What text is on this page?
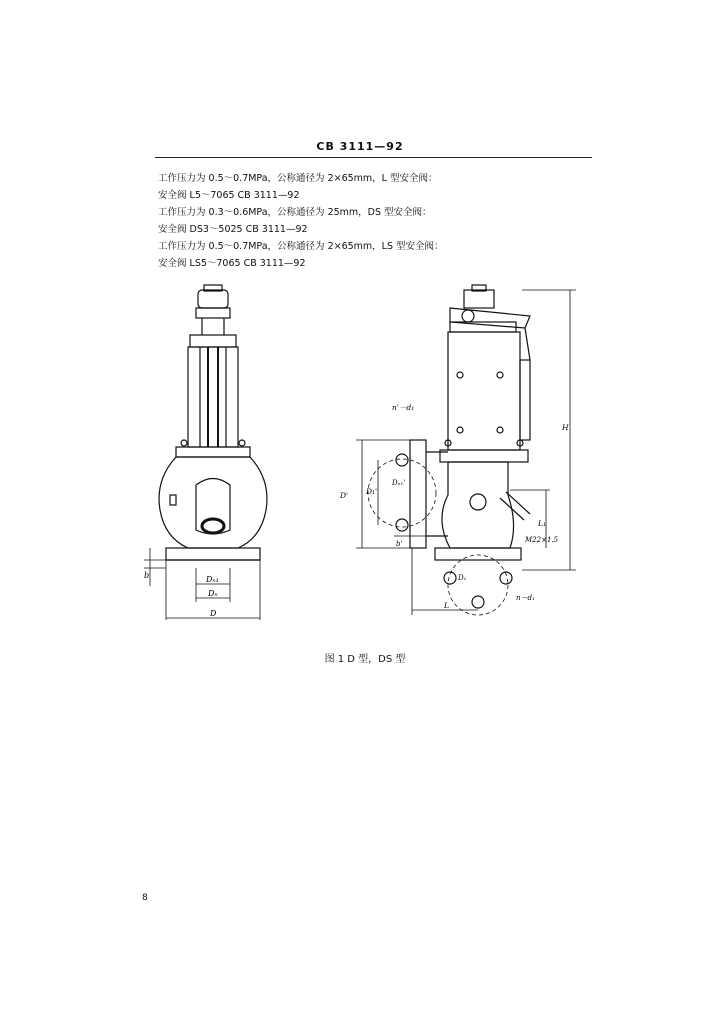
CB 3111—92
工作压力为 0.5～0.7MPa，公称通径为 2×65mm，L 型安全阀：
安全阀 L5～7065 CB 3111—92
工作压力为 0.3～0.6MPa，公称通径为 25mm，DS 型安全阀：
安全阀 DS3～5025 CB 3111—92
工作压力为 0.5～0.7MPa，公称通径为 2×65mm，LS 型安全阀：
安全阀 LS5～7065 CB 3111—92
b	Dₙ₁
Dₙ
D
n'－d₁
D' D₁'
Dₙ₁'
H
L₁
M22×1.5
b'
L
n－d₁
D₁
图 1 D 型，DS 型
8
